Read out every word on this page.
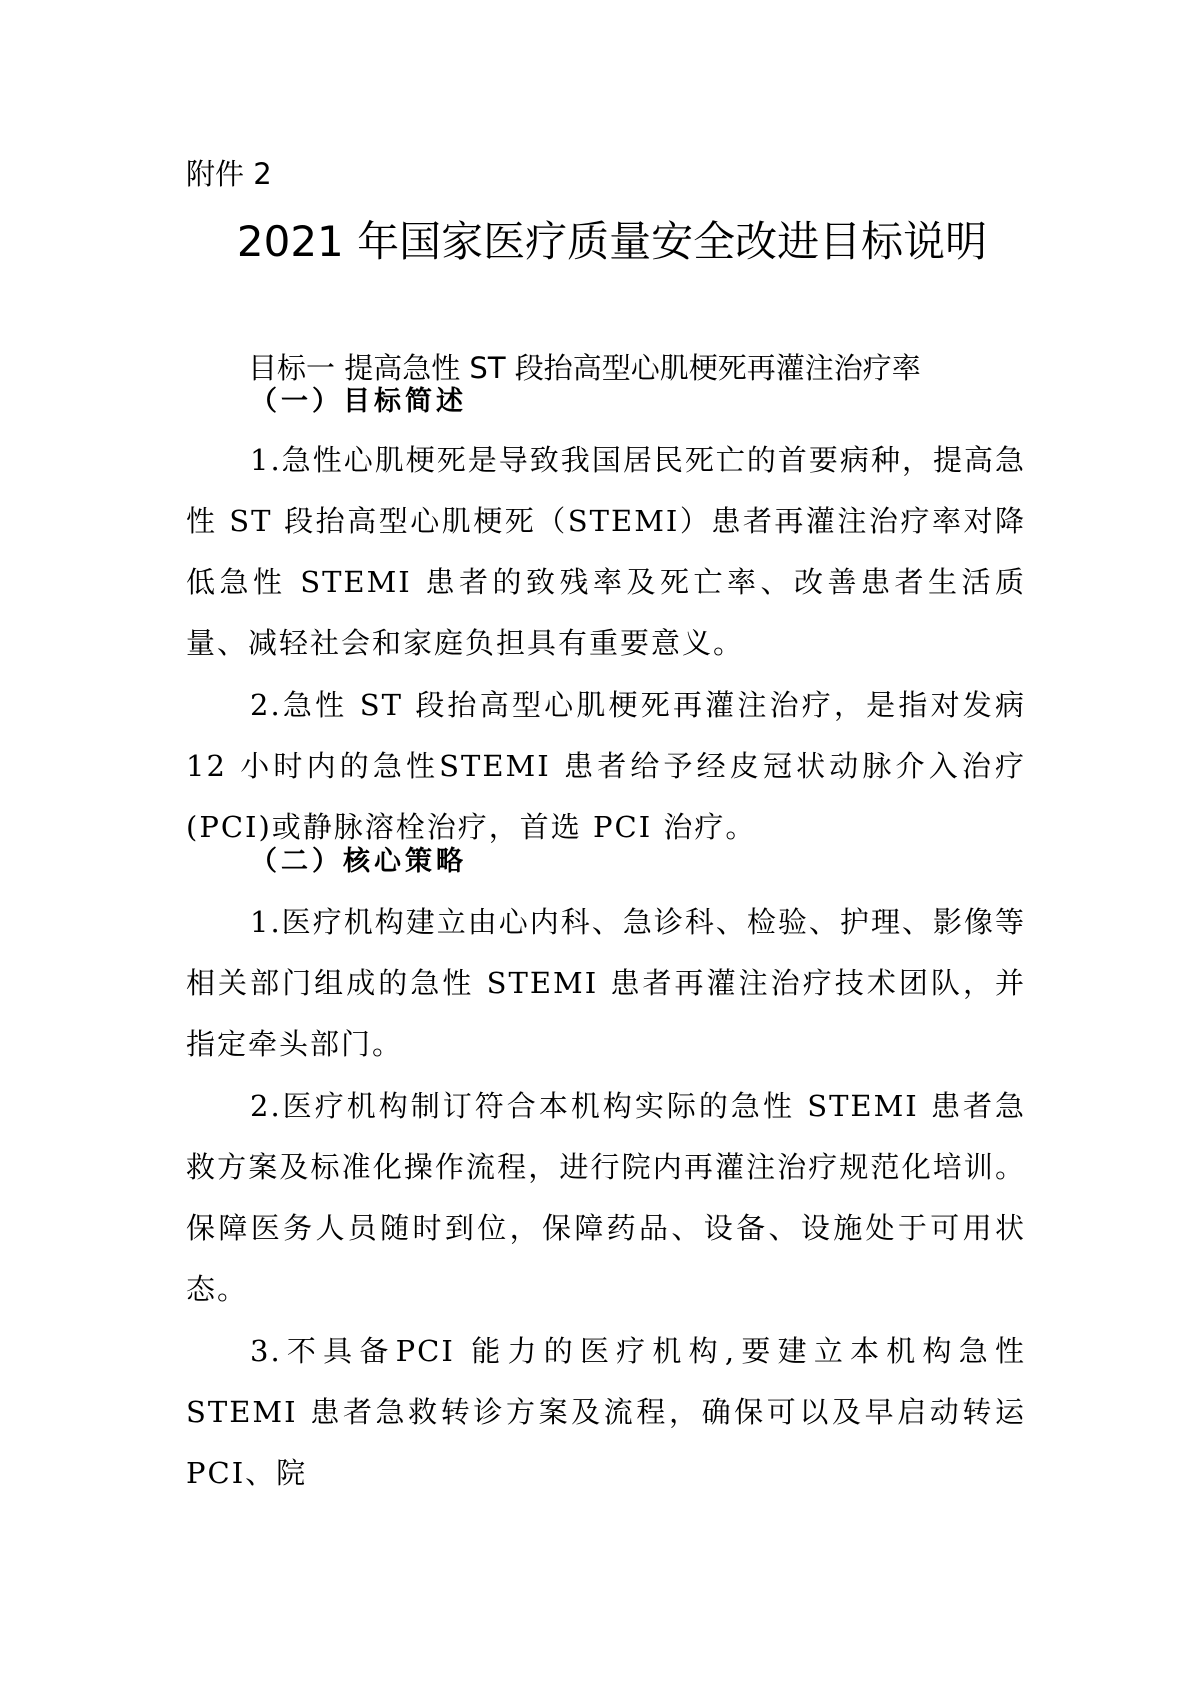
附件 2
2021 年国家医疗质量安全改进目标说明
目标一 提高急性 ST 段抬高型心肌梗死再灌注治疗率
（一）目标简述
1.急性心肌梗死是导致我国居民死亡的首要病种，提高急性 ST 段抬高型心肌梗死（STEMI）患者再灌注治疗率对降低急性 STEMI 患者的致残率及死亡率、改善患者生活质量、减轻社会和家庭负担具有重要意义。
2.急性 ST 段抬高型心肌梗死再灌注治疗，是指对发病 12 小时内的急性STEMI 患者给予经皮冠状动脉介入治疗(PCI)或静脉溶栓治疗，首选 PCI 治疗。
（二）核心策略
1.医疗机构建立由心内科、急诊科、检验、护理、影像等相关部门组成的急性 STEMI 患者再灌注治疗技术团队，并指定牵头部门。
2.医疗机构制订符合本机构实际的急性 STEMI 患者急救方案及标准化操作流程，进行院内再灌注治疗规范化培训。保障医务人员随时到位，保障药品、设备、设施处于可用状态。
3.不具备PCI 能力的医疗机构,要建立本机构急性STEMI 患者急救转诊方案及流程，确保可以及早启动转运 PCI、院
